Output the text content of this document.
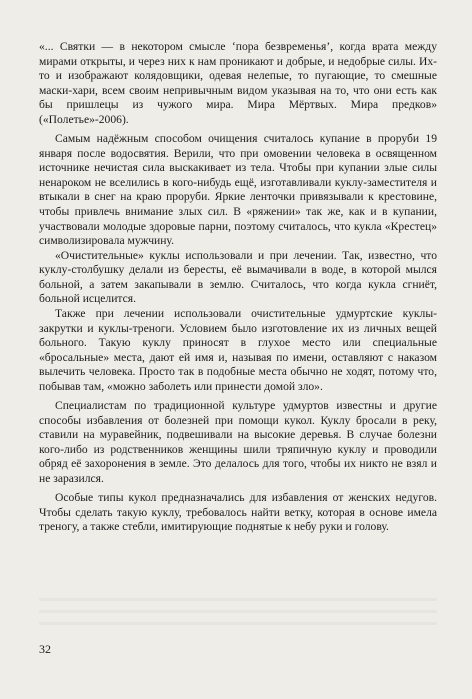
«... Святки — в некотором смысле ‘пора безвременья’, когда врата между мирами открыты, и через них к нам проникают и добрые, и недобрые силы. Их-то и изображают колядовщики, одевая нелепые, то пугающие, то смешные маски-хари, всем своим непривычным видом указывая на то, что они есть как бы пришлецы из чужого мира. Мира Мёртвых. Мира предков» («Полетье»-2006).

Самым надёжным способом очищения считалось купание в проруби 19 января после водосвятия. Верили, что при омовении человека в освященном источнике нечистая сила выскакивает из тела. Чтобы при купании злые силы ненароком не вселились в кого-нибудь ещё, изготавливали куклу-заместителя и втыкали в снег на краю проруби. Яркие ленточки привязывали к крестовине, чтобы привлечь внимание злых сил. В «ряжении» так же, как и в купании, участвовали молодые здоровые парни, поэтому считалось, что кукла «Крестец» символизировала мужчину.

«Очистительные» куклы использовали и при лечении. Так, известно, что куклу-столбушку делали из бересты, её вымачивали в воде, в которой мылся больной, а затем закапывали в землю. Считалось, что когда кукла сгниёт, больной исцелится.

Также при лечении использовали очистительные удмуртские куклы-закрутки и куклы-треноги. Условием было изготовление их из личных вещей больного. Такую куклу приносят в глухое место или специальные «бросальные» места, дают ей имя и, называя по имени, оставляют с наказом вылечить человека. Просто так в подобные места обычно не ходят, потому что, побывав там, «можно заболеть или принести домой зло».

Специалистам по традиционной культуре удмуртов известны и другие способы избавления от болезней при помощи кукол. Куклу бросали в реку, ставили на муравейник, подвешивали на высокие деревья. В случае болезни кого-либо из родственников женщины шили тряпичную куклу и проводили обряд её захоронения в земле. Это делалось для того, чтобы их никто не взял и не заразился.

Особые типы кукол предназначались для избавления от женских недугов. Чтобы сделать такую куклу, требовалось найти ветку, которая в основе имела треногу, а также стебли, имитирующие поднятые к небу руки и голову.

32
